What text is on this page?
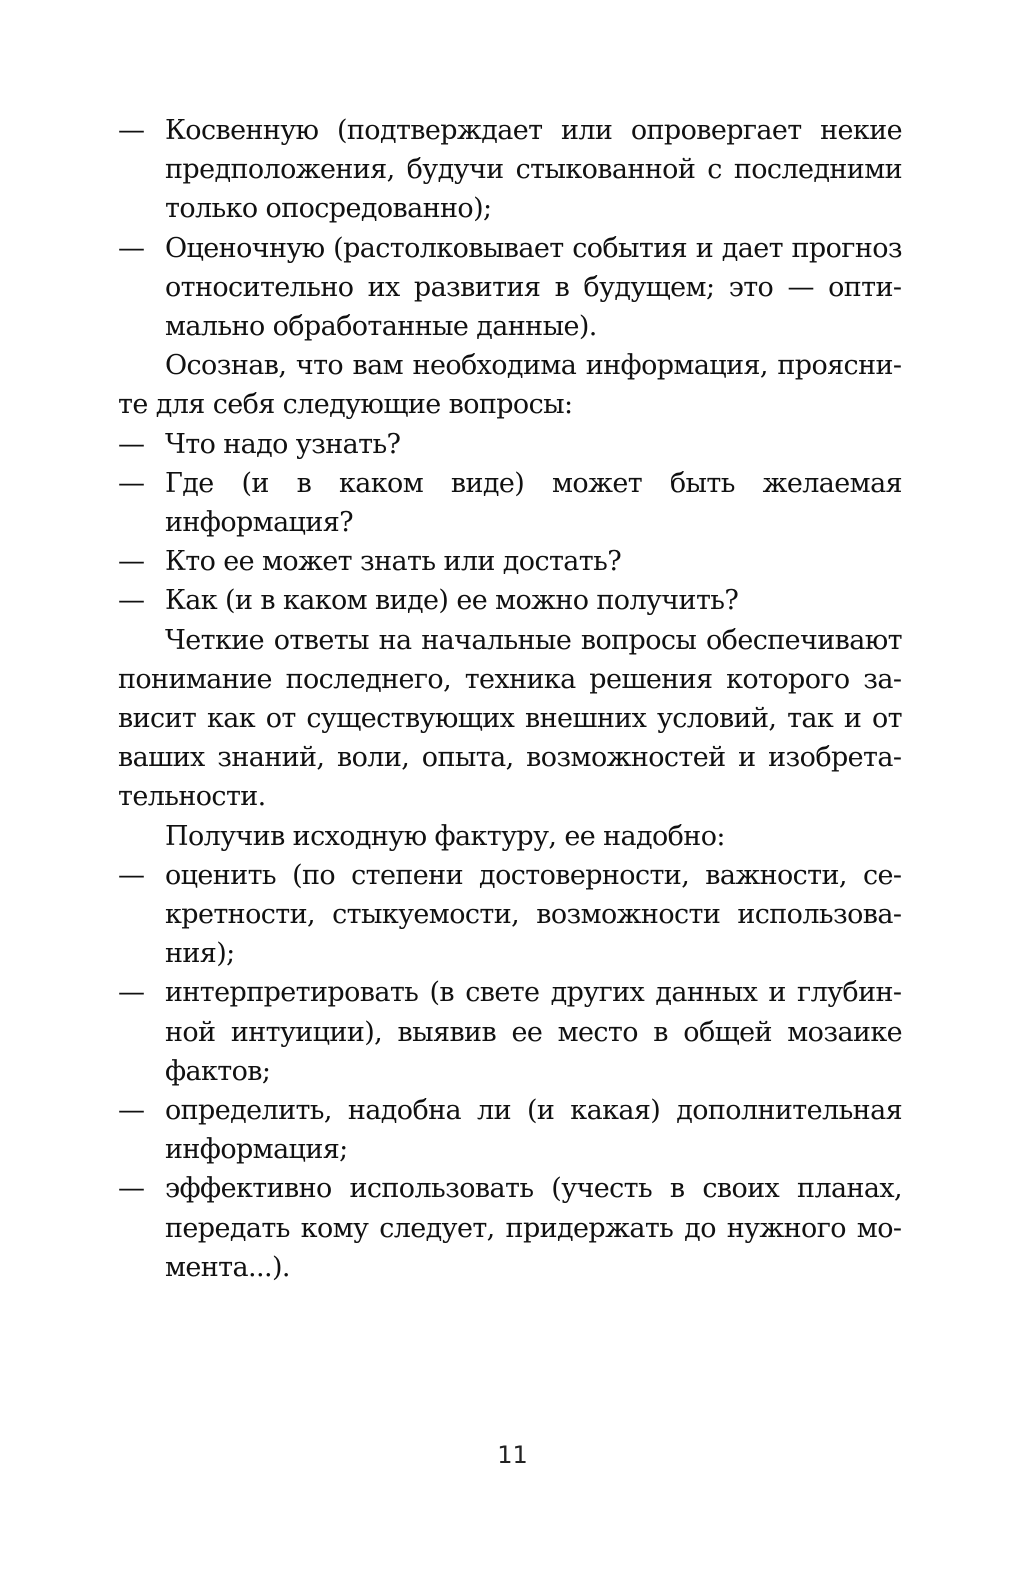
— Косвенную (подтверждает или опровергает некие предположения, будучи стыкованной с последними только опосредованно);
— Оценочную (растолковывает события и дает прогноз относительно их развития в будущем; это — оптимально обработанные данные).

Осознав, что вам необходима информация, проясните для себя следующие вопросы:

— Что надо узнать?
— Где (и в каком виде) может быть желаемая информация?
— Кто ее может знать или достать?
— Как (и в каком виде) ее можно получить?

Четкие ответы на начальные вопросы обеспечивают понимание последнего, техника решения которого зависит как от существующих внешних условий, так и от ваших знаний, воли, опыта, возможностей и изобретательности.

Получив исходную фактуру, ее надобно:

— оценить (по степени достоверности, важности, секретности, стыкуемости, возможности использования);
— интерпретировать (в свете других данных и глубинной интуиции), выявив ее место в общей мозаике фактов;
— определить, надобна ли (и какая) дополнительная информация;
— эффективно использовать (учесть в своих планах, передать кому следует, придержать до нужного момента...).
11
